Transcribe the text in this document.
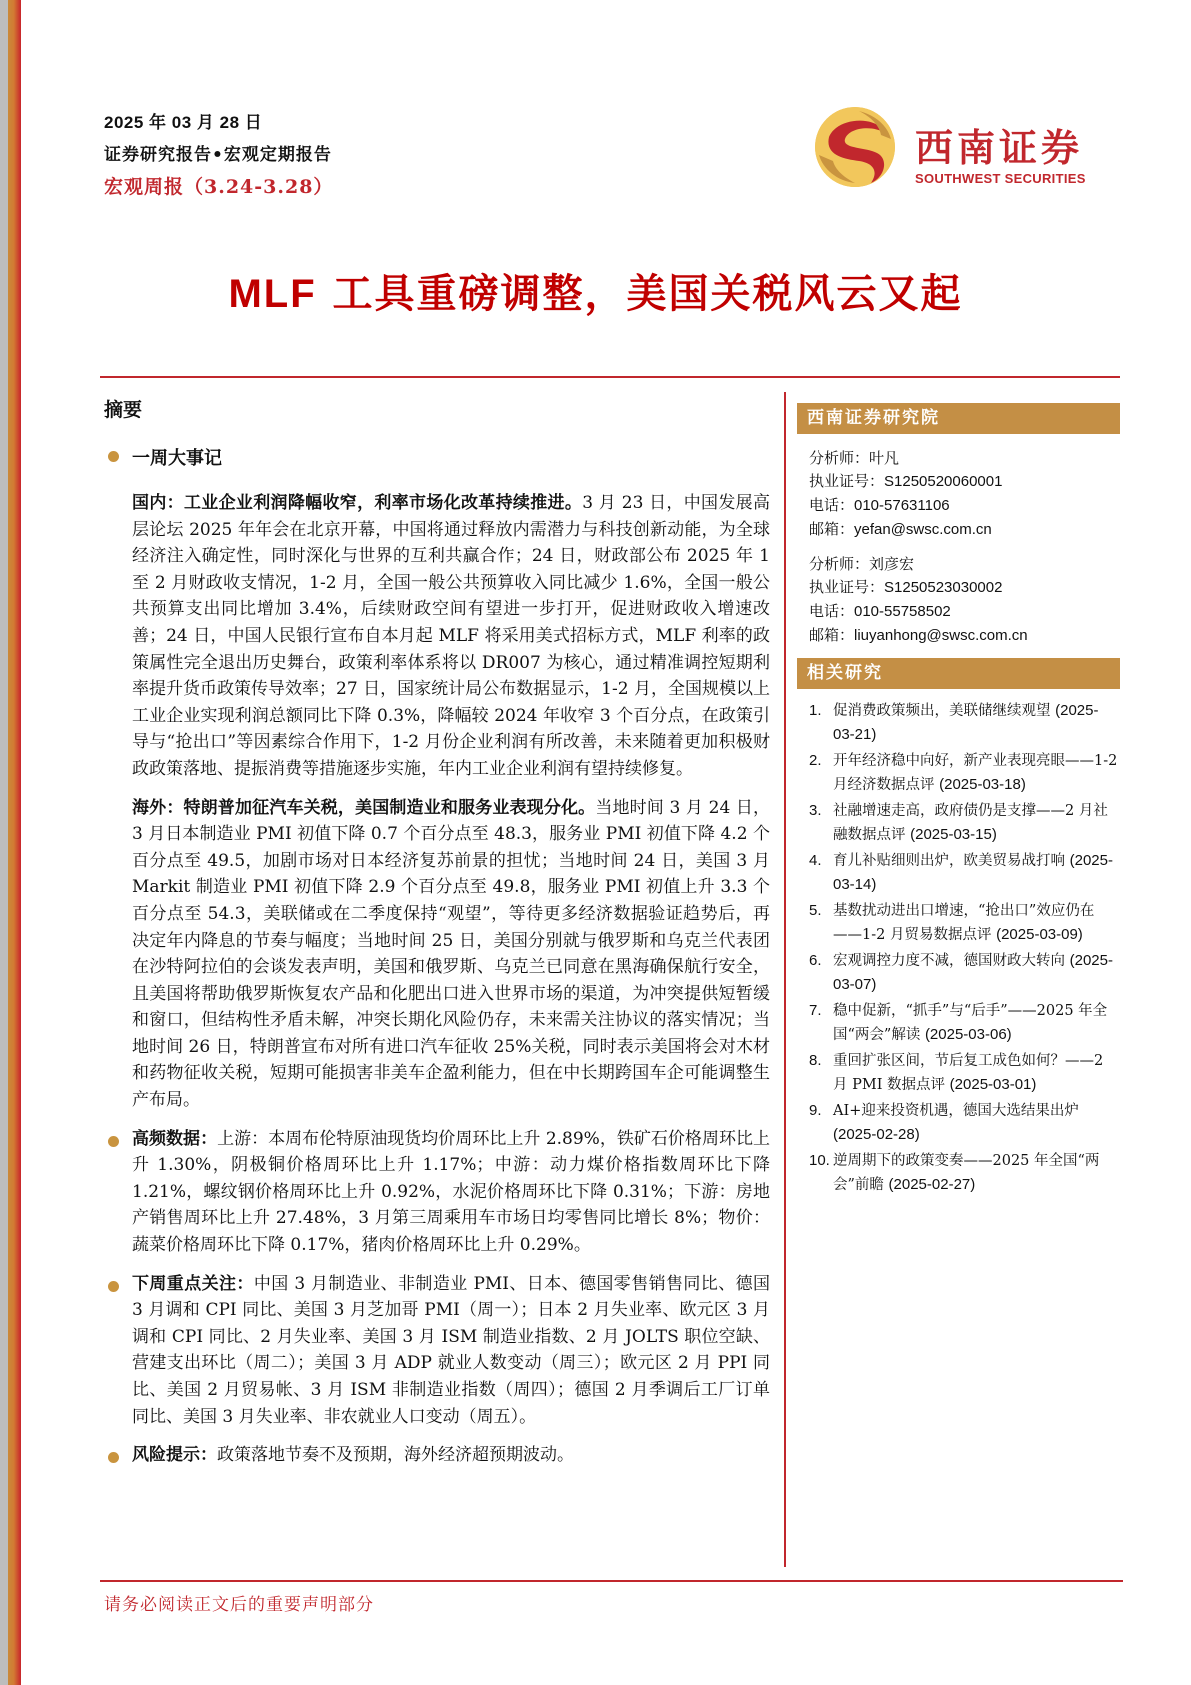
2025 年 03 月 28 日
证券研究报告•宏观定期报告
宏观周报（3.24-3.28）
西南证券
SOUTHWEST SECURITIES
MLF 工具重磅调整，美国关税风云又起
摘要
一周大事记

国内：工业企业利润降幅收窄，利率市场化改革持续推进。3 月 23 日，中国发展高层论坛 2025 年年会在北京开幕，中国将通过释放内需潜力与科技创新动能，为全球经济注入确定性，同时深化与世界的互利共赢合作；24 日，财政部公布 2025 年 1 至 2 月财政收支情况，1-2 月，全国一般公共预算收入同比减少 1.6%，全国一般公共预算支出同比增加 3.4%，后续财政空间有望进一步打开，促进财政收入增速改善；24 日，中国人民银行宣布自本月起 MLF 将采用美式招标方式，MLF 利率的政策属性完全退出历史舞台，政策利率体系将以 DR007 为核心，通过精准调控短期利率提升货币政策传导效率；27 日，国家统计局公布数据显示，1-2 月，全国规模以上工业企业实现利润总额同比下降 0.3%，降幅较 2024 年收窄 3 个百分点，在政策引导与“抢出口”等因素综合作用下，1-2 月份企业利润有所改善，未来随着更加积极财政政策落地、提振消费等措施逐步实施，年内工业企业利润有望持续修复。

海外：特朗普加征汽车关税，美国制造业和服务业表现分化。当地时间 3 月 24 日，3 月日本制造业 PMI 初值下降 0.7 个百分点至 48.3，服务业 PMI 初值下降 4.2 个百分点至 49.5，加剧市场对日本经济复苏前景的担忧；当地时间 24 日，美国 3 月 Markit 制造业 PMI 初值下降 2.9 个百分点至 49.8，服务业 PMI 初值上升 3.3 个百分点至 54.3，美联储或在二季度保持“观望”，等待更多经济数据验证趋势后，再决定年内降息的节奏与幅度；当地时间 25 日，美国分别就与俄罗斯和乌克兰代表团在沙特阿拉伯的会谈发表声明，美国和俄罗斯、乌克兰已同意在黑海确保航行安全，且美国将帮助俄罗斯恢复农产品和化肥出口进入世界市场的渠道，为冲突提供短暂缓和窗口，但结构性矛盾未解，冲突长期化风险仍存，未来需关注协议的落实情况；当地时间 26 日，特朗普宣布对所有进口汽车征收 25%关税，同时表示美国将会对木材和药物征收关税，短期可能损害非美车企盈利能力，但在中长期跨国车企可能调整生产布局。

高频数据：上游：本周布伦特原油现货均价周环比上升 2.89%，铁矿石价格周环比上升 1.30%，阴极铜价格周环比上升 1.17%；中游：动力煤价格指数周环比下降 1.21%，螺纹钢价格周环比上升 0.92%，水泥价格周环比下降 0.31%；下游：房地产销售周环比上升 27.48%，3 月第三周乘用车市场日均零售同比增长 8%；物价：蔬菜价格周环比下降 0.17%，猪肉价格周环比上升 0.29%。

下周重点关注：中国 3 月制造业、非制造业 PMI、日本、德国零售销售同比、德国 3 月调和 CPI 同比、美国 3 月芝加哥 PMI（周一）；日本 2 月失业率、欧元区 3 月调和 CPI 同比、2 月失业率、美国 3 月 ISM 制造业指数、2 月 JOLTS 职位空缺、营建支出环比（周二）；美国 3 月 ADP 就业人数变动（周三）；欧元区 2 月 PPI 同比、美国 2 月贸易帐、3 月 ISM 非制造业指数（周四）；德国 2 月季调后工厂订单同比、美国 3 月失业率、非农就业人口变动（周五）。

风险提示：政策落地节奏不及预期，海外经济超预期波动。

西南证券研究院
分析师：叶凡
执业证号：S1250520060001
电话：010-57631106
邮箱：yefan@swsc.com.cn
分析师：刘彦宏
执业证号：S1250523030002
电话：010-55758502
邮箱：liuyanhong@swsc.com.cn
相关研究
1. 促消费政策频出，美联储继续观望 (2025-03-21)
2. 开年经济稳中向好，新产业表现亮眼——1-2 月经济数据点评 (2025-03-18)
3. 社融增速走高，政府债仍是支撑——2 月社融数据点评 (2025-03-15)
4. 育儿补贴细则出炉，欧美贸易战打响 (2025-03-14)
5. 基数扰动进出口增速，“抢出口”效应仍在——1-2 月贸易数据点评 (2025-03-09)
6. 宏观调控力度不减，德国财政大转向 (2025-03-07)
7. 稳中促新，“抓手”与“后手”——2025 年全国“两会”解读 (2025-03-06)
8. 重回扩张区间，节后复工成色如何？——2 月 PMI 数据点评 (2025-03-01)
9. AI+迎来投资机遇，德国大选结果出炉 (2025-02-28)
10. 逆周期下的政策变奏——2025 年全国“两会”前瞻 (2025-02-27)
请务必阅读正文后的重要声明部分
